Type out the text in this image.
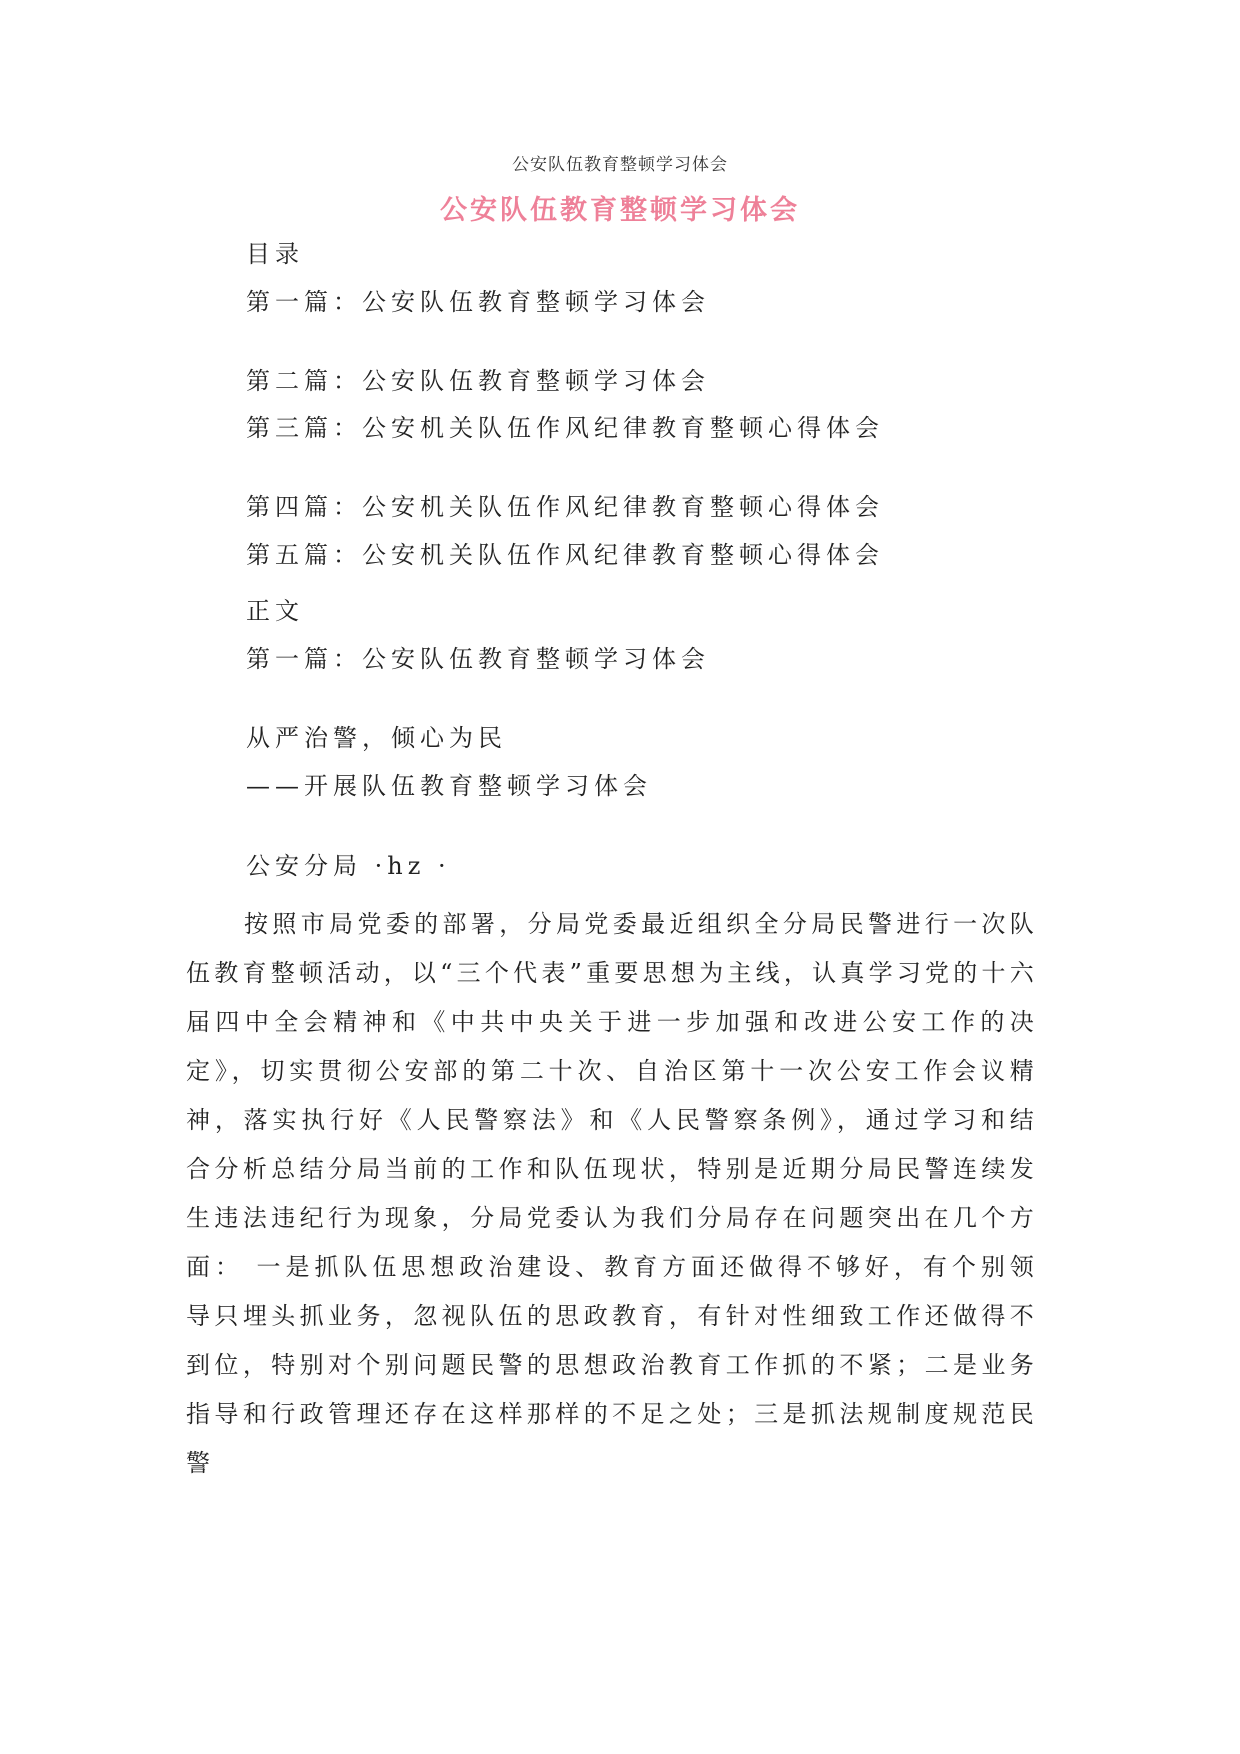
公安队伍教育整顿学习体会
公安队伍教育整顿学习体会
目录
第一篇：公安队伍教育整顿学习体会
第二篇：公安队伍教育整顿学习体会
第三篇：公安机关队伍作风纪律教育整顿心得体会
第四篇：公安机关队伍作风纪律教育整顿心得体会
第五篇：公安机关队伍作风纪律教育整顿心得体会
正文
第一篇：公安队伍教育整顿学习体会
从严治警，倾心为民
——开展队伍教育整顿学习体会
公安分局 ·hz ·
按照市局党委的部署，分局党委最近组织全分局民警进行一次队伍教育整顿活动，以“三个代表”重要思想为主线，认真学习党的十六届四中全会精神和《中共中央关于进一步加强和改进公安工作的决定》，切实贯彻公安部的第二十次、自治区第十一次公安工作会议精神，落实执行好《人民警察法》和《人民警察条例》，通过学习和结合分析总结分局当前的工作和队伍现状，特别是近期分局民警连续发生违法违纪行为现象，分局党委认为我们分局存在问题突出在几个方面： 一是抓队伍思想政治建设、教育方面还做得不够好，有个别领导只埋头抓业务，忽视队伍的思政教育，有针对性细致工作还做得不到位，特别对个别问题民警的思想政治教育工作抓的不紧；二是业务指导和行政管理还存在这样那样的不足之处；三是抓法规制度规范民警
